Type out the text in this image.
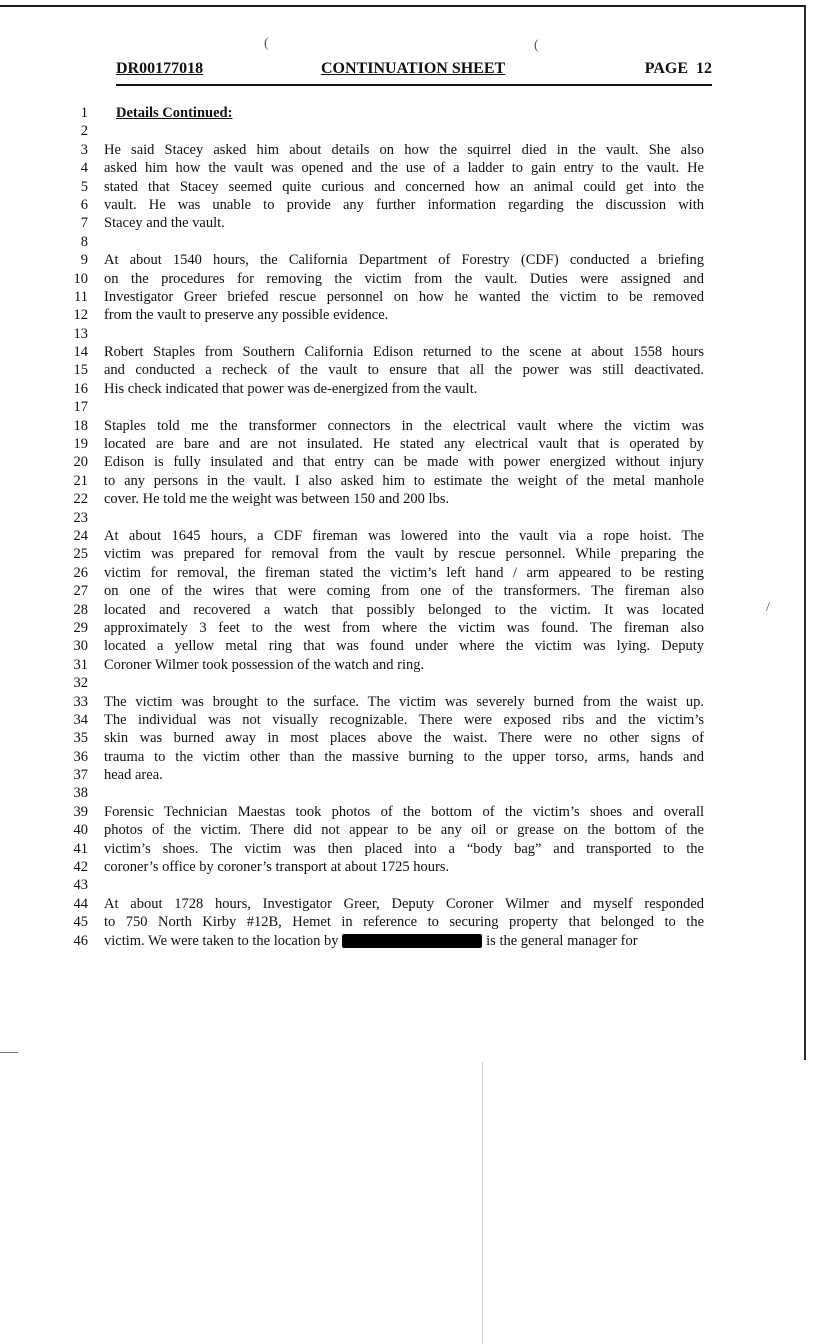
(	(
/
DR00177018	CONTINUATION SHEET	PAGE 12
1
2
3
4
5
6
7
8
9
10
11
12
13
14
15
16
17
18
19
20
21
22
23
24
25
26
27
28
29
30
31
32
33
34
35
36
37
38
39
40
41
42
43
44
45
46
Details Continued:
He said Stacey asked him about details on how the squirrel died in the vault. She also
asked him how the vault was opened and the use of a ladder to gain entry to the vault. He
stated that Stacey seemed quite curious and concerned how an animal could get into the
vault. He was unable to provide any further information regarding the discussion with
Stacey and the vault.
At about 1540 hours, the California Department of Forestry (CDF) conducted a briefing
on the procedures for removing the victim from the vault. Duties were assigned and
Investigator Greer briefed rescue personnel on how he wanted the victim to be removed
from the vault to preserve any possible evidence.
Robert Staples from Southern California Edison returned to the scene at about 1558 hours
and conducted a recheck of the vault to ensure that all the power was still deactivated.
His check indicated that power was de-energized from the vault.
Staples told me the transformer connectors in the electrical vault where the victim was
located are bare and are not insulated. He stated any electrical vault that is operated by
Edison is fully insulated and that entry can be made with power energized without injury
to any persons in the vault. I also asked him to estimate the weight of the metal manhole
cover. He told me the weight was between 150 and 200 lbs.
At about 1645 hours, a CDF fireman was lowered into the vault via a rope hoist. The
victim was prepared for removal from the vault by rescue personnel. While preparing the
victim for removal, the fireman stated the victim’s left hand / arm appeared to be resting
on one of the wires that were coming from one of the transformers. The fireman also
located and recovered a watch that possibly belonged to the victim. It was located
approximately 3 feet to the west from where the victim was found. The fireman also
located a yellow metal ring that was found under where the victim was lying. Deputy
Coroner Wilmer took possession of the watch and ring.
The victim was brought to the surface. The victim was severely burned from the waist up.
The individual was not visually recognizable. There were exposed ribs and the victim’s
skin was burned away in most places above the waist. There were no other signs of
trauma to the victim other than the massive burning to the upper torso, arms, hands and
head area.
Forensic Technician Maestas took photos of the bottom of the victim’s shoes and overall
photos of the victim. There did not appear to be any oil or grease on the bottom of the
victim’s shoes. The victim was then placed into a “body bag” and transported to the
coroner’s office by coroner’s transport at about 1725 hours.
At about 1728 hours, Investigator Greer, Deputy Coroner Wilmer and myself responded
to 750 North Kirby #12B, Hemet in reference to securing property that belonged to the
victim. We were taken to the location by	is the general manager for
